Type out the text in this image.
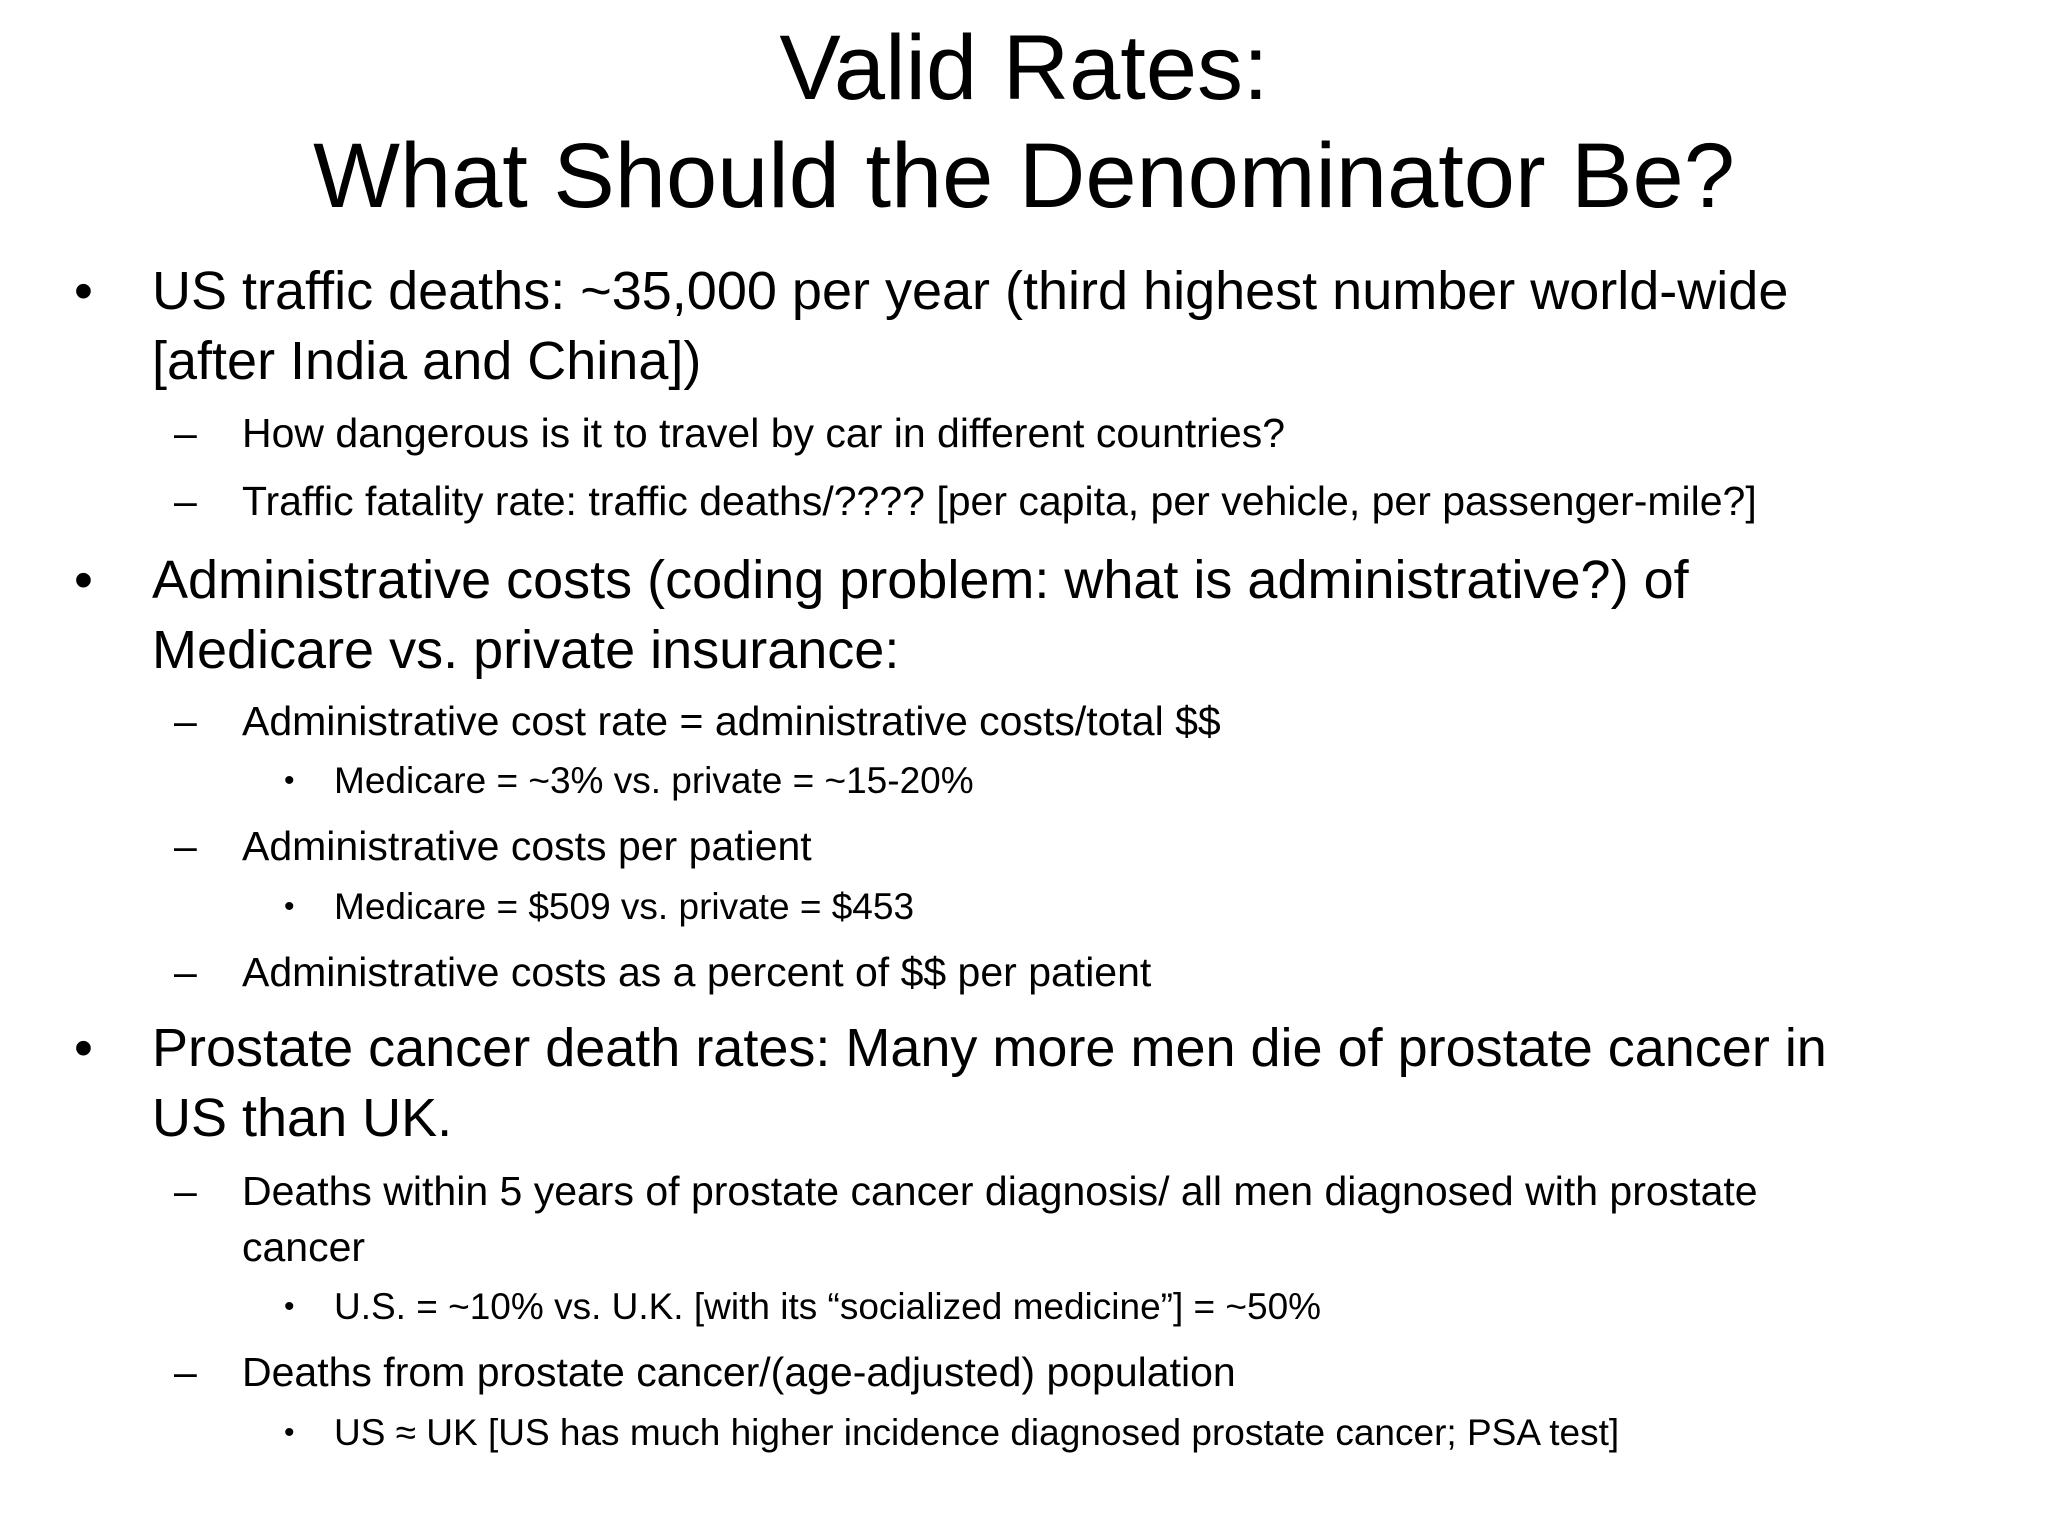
Valid Rates:
What Should the Denominator Be?
• US traffic deaths: ~35,000 per year (third highest number world-wide
[after India and China])
– How dangerous is it to travel by car in different countries?
– Traffic fatality rate: traffic deaths/???? [per capita, per vehicle, per passenger-mile?]
• Administrative costs (coding problem: what is administrative?) of
Medicare vs. private insurance:
– Administrative cost rate = administrative costs/total $$
• Medicare = ~3% vs. private = ~15-20%
– Administrative costs per patient
• Medicare = $509 vs. private = $453
– Administrative costs as a percent of $$ per patient
• Prostate cancer death rates: Many more men die of prostate cancer in
US than UK.
– Deaths within 5 years of prostate cancer diagnosis/ all men diagnosed with prostate
cancer
• U.S. = ~10% vs. U.K. [with its “socialized medicine”] = ~50%
– Deaths from prostate cancer/(age-adjusted) population
• US ≈ UK [US has much higher incidence diagnosed prostate cancer; PSA test]
